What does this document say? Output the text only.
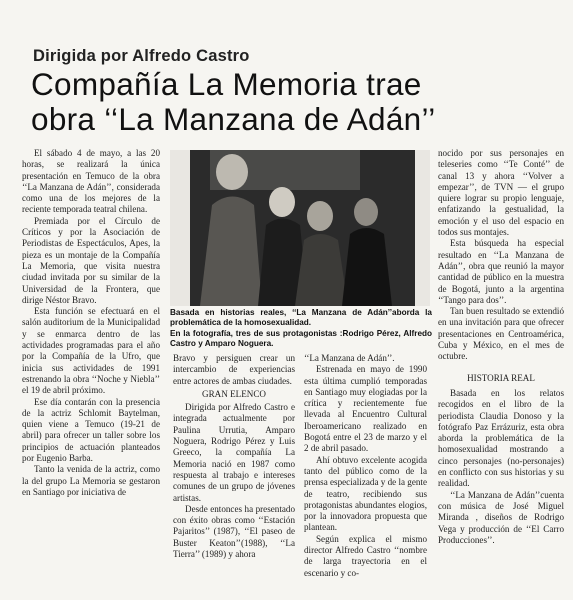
Dirigida por Alfredo Castro
Compañía La Memoria trae
obra ‘‘La Manzana de Adán’’

El sábado 4 de mayo, a las 20 horas, se realizará la única presentación en Temuco de la obra ‘‘La Manzana de Adán’’, considerada como una de los mejores de la reciente temporada teatral chilena.

Premiada por el Círculo de Críticos y por la Asociación de Periodistas de Espectáculos, Apes, la pieza es un montaje de la Compañía La Memoria, que visita nuestra ciudad invitada por su similar de la Universidad de la Frontera, que dirige Néstor Bravo.

Esta función se efectuará en el salón auditorium de la Municipalidad y se enmarca dentro de las actividades programadas para el año por la Compañía de la Ufro, que inicia sus actividades de 1991 estrenando la obra ‘‘Noche y Niebla’’ el 19 de abril próximo.

Ese día contarán con la presencia de la actriz Schlomit Baytelman, quien viene a Temuco (19-21 de abril) para ofrecer un taller sobre los principios de actuación planteados por Eugenio Barba.

Tanto la venida de la actriz, como la del grupo La Memoria se gestaron en Santiago por iniciativa de

Basada en historias reales, ‘‘La Manzana de Adán’’aborda la problemática de la homosexualidad.

En la fotografía, tres de sus protagonistas :Rodrigo Pérez, Alfredo Castro y Amparo Noguera.

Bravo y persiguen crear un intercambio de experiencias entre actores de ambas ciudades.

GRAN ELENCO

Dirigida por Alfredo Castro e integrada actualmente por Paulina Urrutia, Amparo Noguera, Rodrigo Pérez y Luis Greeco, la compañía La Memoria nació en 1987 como respuesta al trabajo e intereses comunes de un grupo de jóvenes artistas.

Desde entonces ha presentado con éxito obras como ‘‘Estación Pajaritos’’ (1987), ‘‘El paseo de Buster Keaton’’(1988), ‘‘La Tierra’’ (1989) y ahora

‘‘La Manzana de Adán’’.

Estrenada en mayo de 1990 esta última cumplió temporadas en Santiago muy elogiadas por la crítica y recientemente fue llevada al Encuentro Cultural Iberoamericano realizado en Bogotá entre el 23 de marzo y el 2 de abril pasado.

Ahí obtuvo excelente acogida tanto del público como de la prensa especializada y de la gente de teatro, recibiendo sus protagonistas abundantes elogios, por la innovadora propuesta que plantean.

Según explica el mismo director Alfredo Castro ‘‘nombre de larga trayectoria en el escenario y co-

nocido por sus personajes en teleseries como ‘‘Te Conté’’ de canal 13 y ahora ‘‘Volver a empezar’’, de TVN — el grupo quiere lograr su propio lenguaje, enfatizando la gestualidad, la emoción y el uso del espacio en todos sus montajes.

Esta búsqueda ha especial resultado en ‘‘La Manzana de Adán’’, obra que reunió la mayor cantidad de público en la muestra de Bogotá, junto a la argentina ‘‘Tango para dos’’.

Tan buen resultado se extendió en una invitación para que ofrecer presentaciones en Centroamérica, Cuba y México, en el mes de octubre.

HISTORIA REAL

Basada en los relatos recogidos en el libro de la periodista Claudia Donoso y la fotógrafo Paz Errázuriz, esta obra aborda la problemática de la homosexualidad mostrando a cinco personajes (no-personajes) en conflicto con sus historias y su realidad.

‘‘La Manzana de Adán’’cuenta con música de José Miguel Miranda , diseños de Rodrigo Vega y producción de ‘‘El Carro Producciones’’.
